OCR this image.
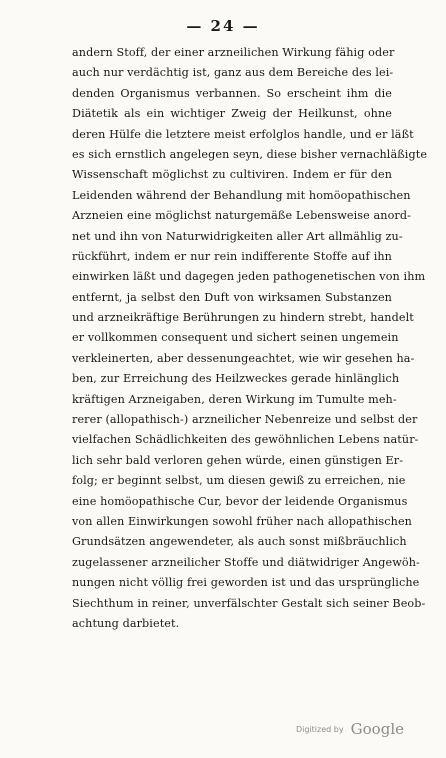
— 24 —
andern Stoff, der einer arzneilichen Wirkung fähig oder
auch nur verdächtig ist, ganz aus dem Bereiche des lei-
denden Organismus verbannen. So erscheint ihm die
Diätetik als ein wichtiger Zweig der Heilkunst, ohne
deren Hülfe die letztere meist erfolglos handle, und er läßt
es sich ernstlich angelegen seyn, diese bisher vernachläßigte
Wissenschaft möglichst zu cultiviren. Indem er für den
Leidenden während der Behandlung mit homöopathischen
Arzneien eine möglichst naturgemäße Lebensweise anord-
net und ihn von Naturwidrigkeiten aller Art allmählig zu-
rückführt, indem er nur rein indifferente Stoffe auf ihn
einwirken läßt und dagegen jeden pathogenetischen von ihm
entfernt, ja selbst den Duft von wirksamen Substanzen
und arzneikräftige Berührungen zu hindern strebt, handelt
er vollkommen consequent und sichert seinen ungemein
verkleinerten, aber dessenungeachtet, wie wir gesehen ha-
ben, zur Erreichung des Heilzweckes gerade hinlänglich
kräftigen Arzneigaben, deren Wirkung im Tumulte meh-
rerer (allopathisch-) arzneilicher Nebenreize und selbst der
vielfachen Schädlichkeiten des gewöhnlichen Lebens natür-
lich sehr bald verloren gehen würde, einen günstigen Er-
folg; er beginnt selbst, um diesen gewiß zu erreichen, nie
eine homöopathische Cur, bevor der leidende Organismus
von allen Einwirkungen sowohl früher nach allopathischen
Grundsätzen angewendeter, als auch sonst mißbräuchlich
zugelassener arzneilicher Stoffe und diätwidriger Angewöh-
nungen nicht völlig frei geworden ist und das ursprüngliche
Siechthum in reiner, unverfälschter Gestalt sich seiner Beob-
achtung darbietet.
Digitized by Google
